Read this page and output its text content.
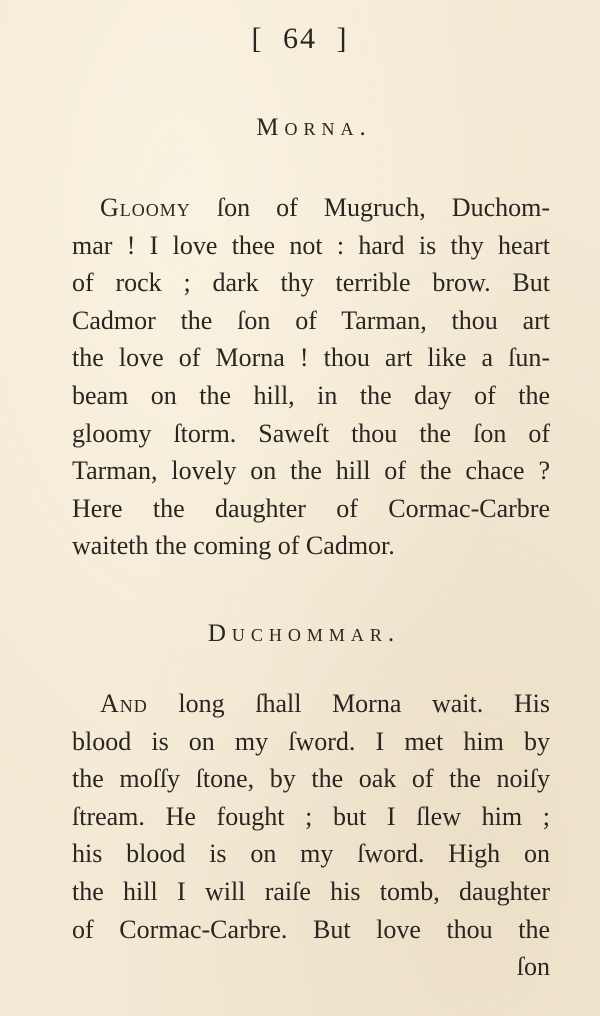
[ 64 ]
Morna.
Gloomy ſon of Mugruch, Duchom-
mar ! I love thee not : hard is thy heart
of rock ; dark thy terrible brow. But
Cadmor the ſon of Tarman, thou art
the love of Morna ! thou art like a ſun-
beam on the hill, in the day of the
gloomy ſtorm. Saweſt thou the ſon of
Tarman, lovely on the hill of the chace ?
Here the daughter of Cormac-Carbre
waiteth the coming of Cadmor.
Duchommar.
And long ſhall Morna wait. His
blood is on my ſword. I met him by
the moſſy ſtone, by the oak of the noiſy
ſtream. He fought ; but I ſlew him ;
his blood is on my ſword. High on
the hill I will raiſe his tomb, daughter
of Cormac-Carbre. But love thou the
ſon
